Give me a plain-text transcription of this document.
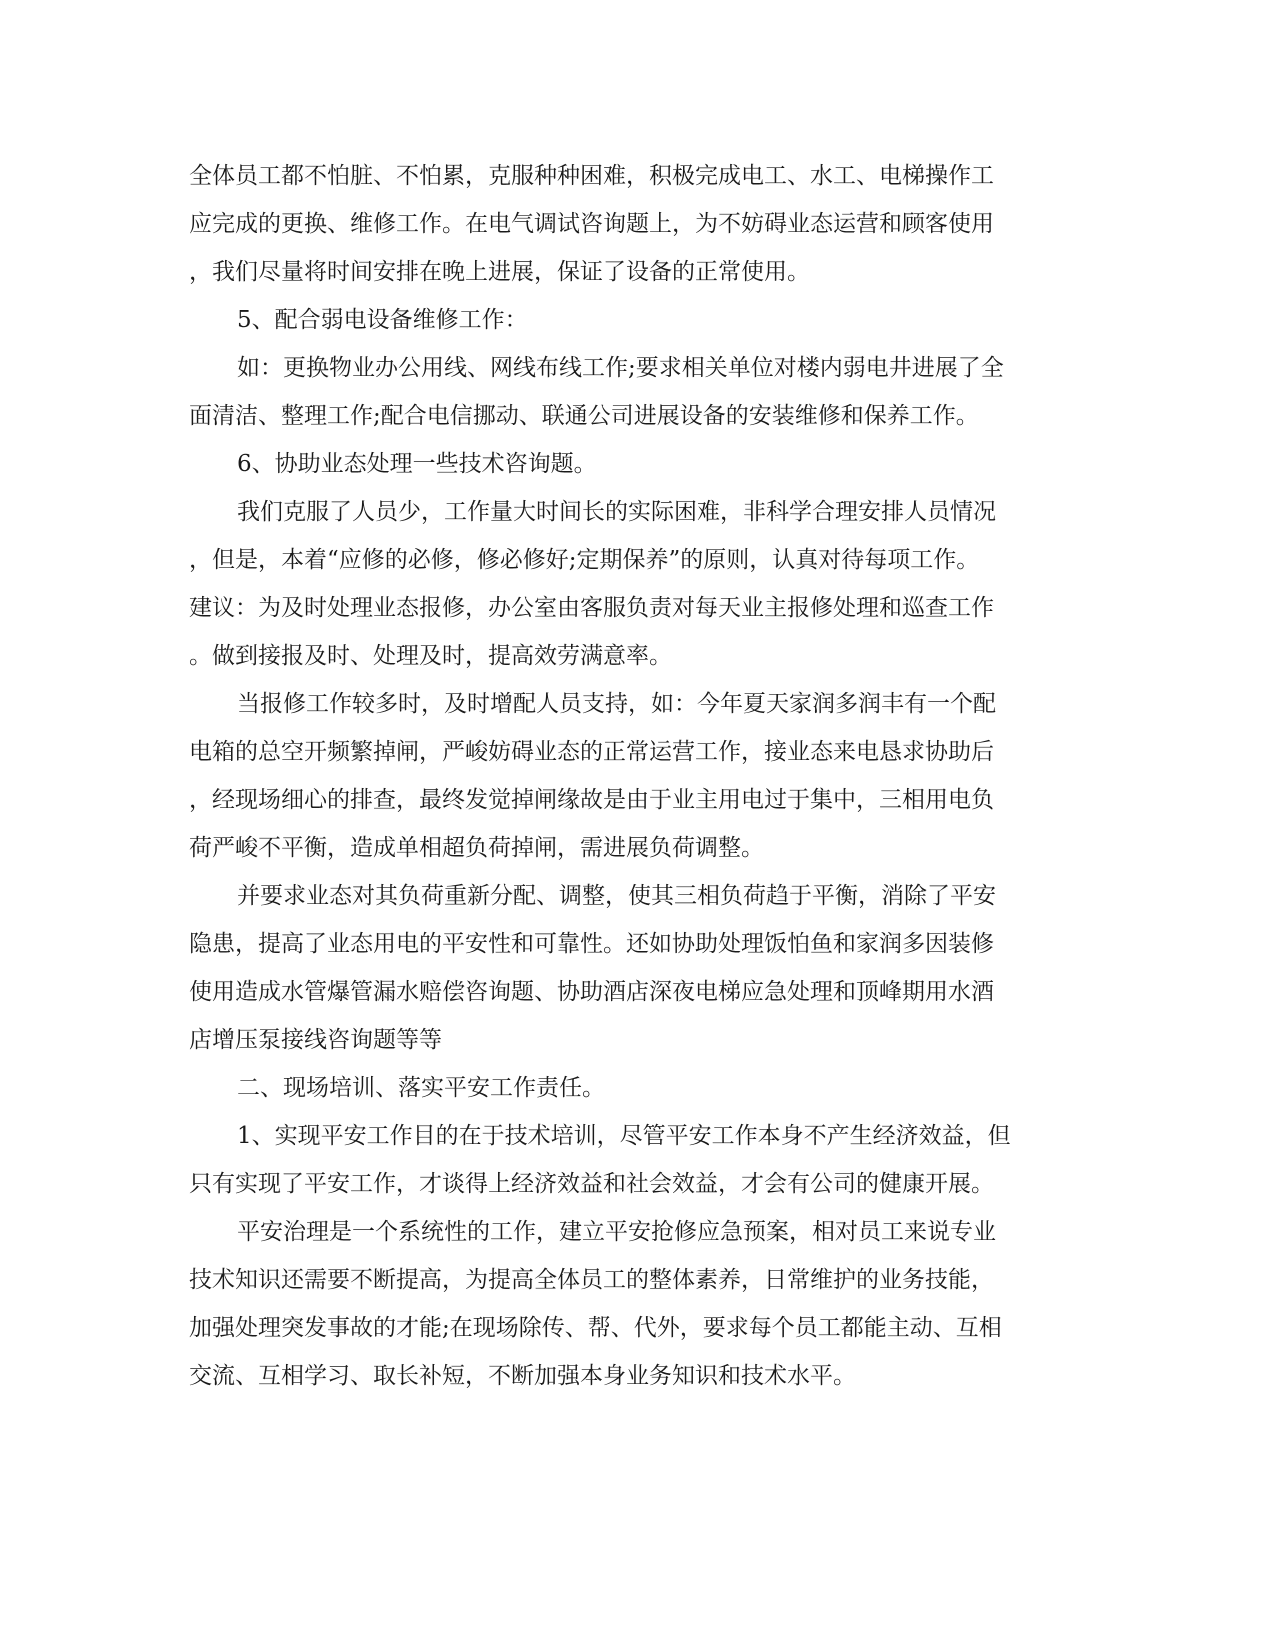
全体员工都不怕脏、不怕累，克服种种困难，积极完成电工、水工、电梯操作工
应完成的更换、维修工作。在电气调试咨询题上，为不妨碍业态运营和顾客使用
，我们尽量将时间安排在晚上进展，保证了设备的正常使用。
5、配合弱电设备维修工作：
如：更换物业办公用线、网线布线工作;要求相关单位对楼内弱电井进展了全
面清洁、整理工作;配合电信挪动、联通公司进展设备的安装维修和保养工作。
6、协助业态处理一些技术咨询题。
我们克服了人员少，工作量大时间长的实际困难，非科学合理安排人员情况
，但是，本着“应修的必修，修必修好;定期保养”的原则，认真对待每项工作。
建议：为及时处理业态报修，办公室由客服负责对每天业主报修处理和巡查工作
。做到接报及时、处理及时，提高效劳满意率。
当报修工作较多时，及时增配人员支持，如：今年夏天家润多润丰有一个配
电箱的总空开频繁掉闸，严峻妨碍业态的正常运营工作，接业态来电恳求协助后
，经现场细心的排查，最终发觉掉闸缘故是由于业主用电过于集中，三相用电负
荷严峻不平衡，造成单相超负荷掉闸，需进展负荷调整。
并要求业态对其负荷重新分配、调整，使其三相负荷趋于平衡，消除了平安
隐患，提高了业态用电的平安性和可靠性。还如协助处理饭怕鱼和家润多因装修
使用造成水管爆管漏水赔偿咨询题、协助酒店深夜电梯应急处理和顶峰期用水酒
店增压泵接线咨询题等等
二、现场培训、落实平安工作责任。
1、实现平安工作目的在于技术培训，尽管平安工作本身不产生经济效益，但
只有实现了平安工作，才谈得上经济效益和社会效益，才会有公司的健康开展。
平安治理是一个系统性的工作，建立平安抢修应急预案，相对员工来说专业
技术知识还需要不断提高，为提高全体员工的整体素养，日常维护的业务技能，
加强处理突发事故的才能;在现场除传、帮、代外，要求每个员工都能主动、互相
交流、互相学习、取长补短，不断加强本身业务知识和技术水平。
